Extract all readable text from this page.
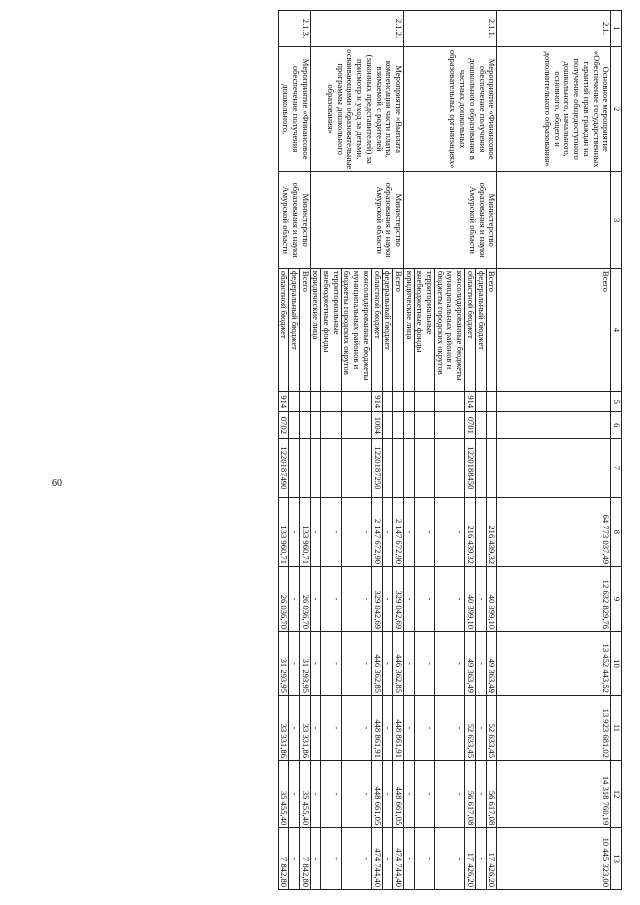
60
1	2	3	4	5	6	7	8	9	10	11	12	13
2.1.	Основное мероприятие «Обеспечение государственных гарантий прав граждан на получение общедоступного дошкольного, начального, основного, общего и дополнительного образования»		Всего				64 773 037,49	12 632 829,76	13 452 443,52	13 923 681,02	14 318 760,19	10 445 323,00
2.1.1.	Мероприятие «Финансовое обеспечение получения дошкольного образования в частных дошкольных образовательных организациях»	Министерство образования и науки Амурской области	Всего				216 439,32	40 399,10	49 363,49	52 633,45	56 617,08	17 426,20
			федеральный бюджет					-	-	-	-	-
			областной бюджет	914	0701	1220188450	216 439,32	40 399,10	49 363,49	52 633,45	56 617,08	17 426,20
			консолидированные бюджеты муниципальных районов и бюджеты городских округов				-	-	-	-	-	-
			территориальные внебюджетные фонды				-	-	-	-	-	-
			юридические лица				-	-	-	-	-	-
2.1.2.	Мероприятие «Выплата компенсации части платы, взимаемой с родителей (законных представителей) за присмотр и уход за детьми, осваивающими образовательные программы дошкольного образования»	Министерство образования и науки Амурской области	Всего				2 147 672,90	329 042,69	446 362,85	448 861,91	448 661,05	474 744,40
			федеральный бюджет				-	-	-	-	-	-
			областной бюджет	914	1004	1220187250	2 147 672,90	329 042,69	446 362,85	448 861,91	448 661,05	474 744,40
			консолидированные бюджеты муниципальных районов и бюджеты городских округов				-	-	-	-	-	-
			территориальные внебюджетные фонды				-	-	-	-	-	-
			юридические лица				-	-	-	-	-	-
2.1.3.	Мероприятие «Финансовое обеспечение получения дошкольного,	Министерство образования и науки Амурской области	Всего				133 960,71	26 036,70	31 293,95	33 331,86	35 455,40	7 842,80
			федеральный бюджет				-	-	-	-	-	-
			областной бюджет	914	0702	1220187490	133 960,71	26 036,70	31 293,95	33 331,86	35 455,40	7 842,80
